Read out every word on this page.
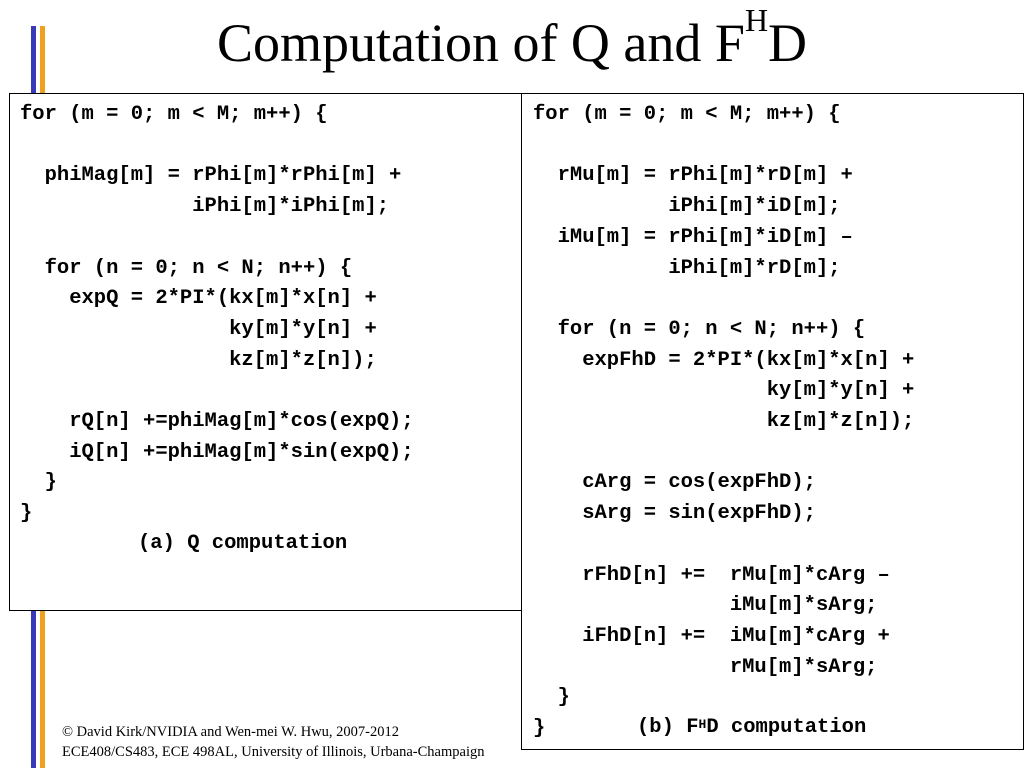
Computation of Q and $F^HD$
for (m = 0; m < M; m++) {

phiMag[m] = rPhi[m]*rPhi[m] +
iPhi[m]*iPhi[m];

for (n = 0; n < N; n++) {
expQ = 2*PI*(kx[m]*x[n] +
ky[m]*y[n] +
kz[m]*z[n]);

rQ[n] +=phiMag[m]*cos(expQ);
iQ[n] +=phiMag[m]*sin(expQ);
}
}
(a) Q computation
for (m = 0; m < M; m++) {

rMu[m] = rPhi[m]*rD[m] +
iPhi[m]*iD[m];
iMu[m] = rPhi[m]*iD[m] –
iPhi[m]*rD[m];

for (n = 0; n < N; n++) {
expFhD = 2*PI*(kx[m]*x[n] +
ky[m]*y[n] +
kz[m]*z[n]);

cArg = cos(expFhD);
sArg = sin(expFhD);

rFhD[n] +=  rMu[m]*cArg –
iMu[m]*sArg;
iFhD[n] +=  iMu[m]*cArg +
rMu[m]*sArg;
}
}	(b) $F^HD$ computation
© David Kirk/NVIDIA and Wen-mei W. Hwu, 2007-2012
ECE408/CS483, ECE 498AL, University of Illinois, Urbana-Champaign
